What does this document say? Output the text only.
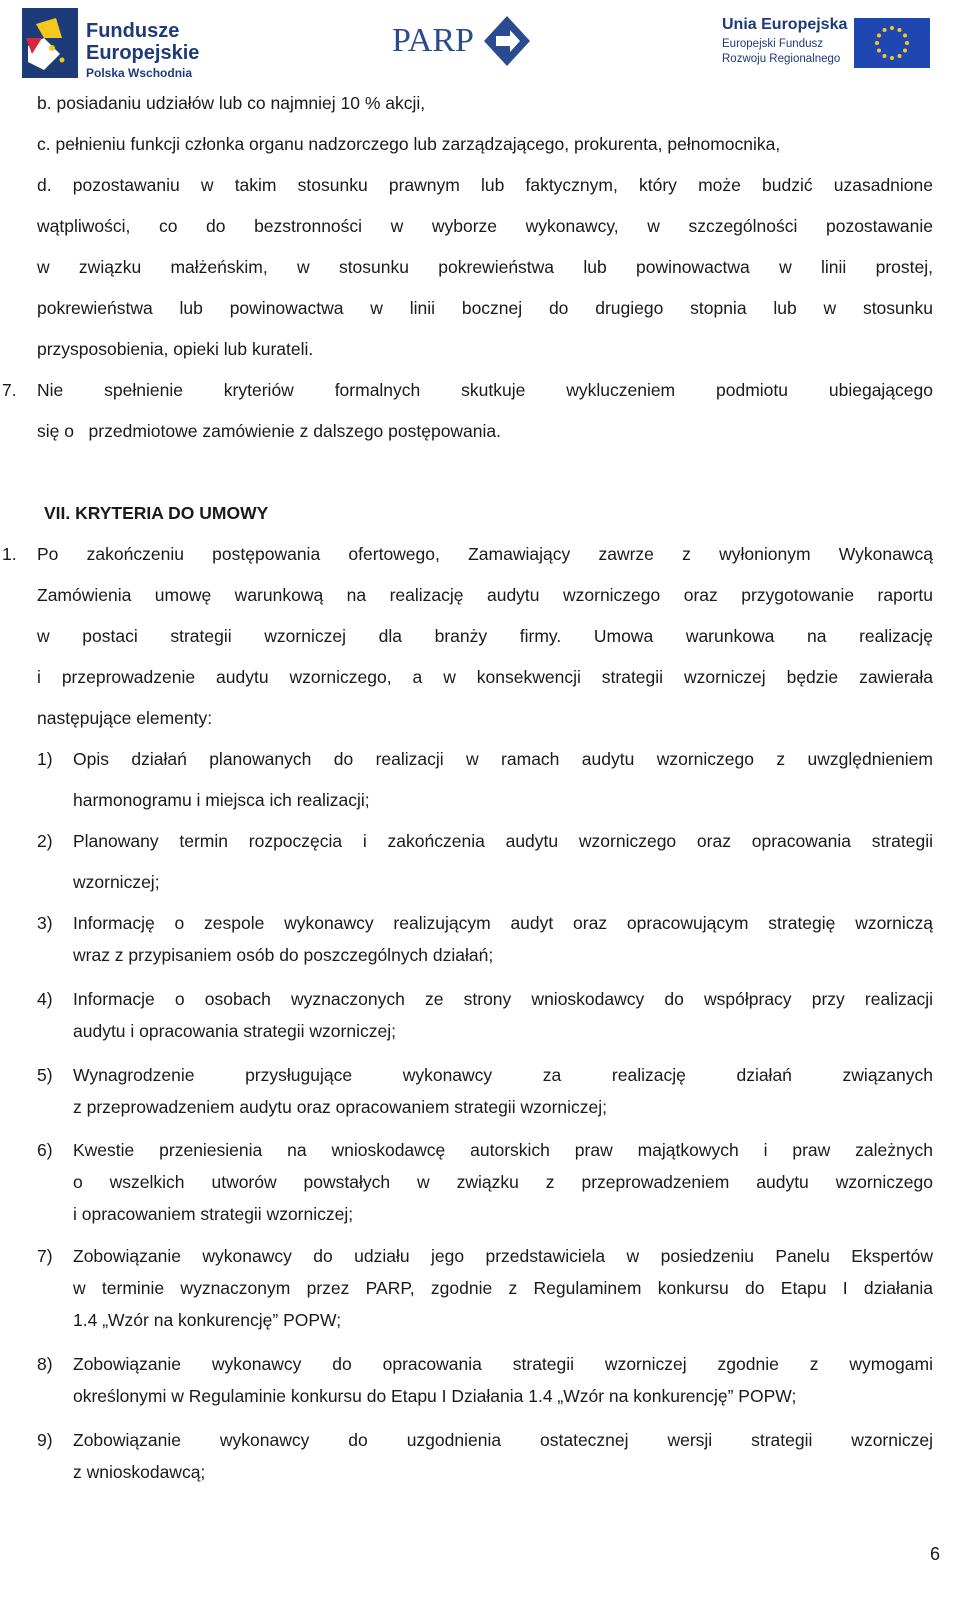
Fundusze
Europejskie
Polska Wschodnia
PARP	Unia Europejska
Europejski Fundusz
Rozwoju Regionalnego
b. posiadaniu udziałów lub co najmniej 10 % akcji,
c. pełnieniu funkcji członka organu nadzorczego lub zarządzającego, prokurenta, pełnomocnika,
d. pozostawaniu w takim stosunku prawnym lub faktycznym, który może budzić uzasadnione
wątpliwości, co do bezstronności w wyborze wykonawcy, w szczególności pozostawanie
w związku małżeńskim, w stosunku pokrewieństwa lub powinowactwa w linii prostej,
pokrewieństwa lub powinowactwa w linii bocznej do drugiego stopnia lub w stosunku
przysposobienia, opieki lub kurateli.
7. Nie spełnienie kryteriów formalnych skutkuje wykluczeniem podmiotu ubiegającego
się o   przedmiotowe zamówienie z dalszego postępowania.
VII. KRYTERIA DO UMOWY
1. Po zakończeniu postępowania ofertowego, Zamawiający zawrze z wyłonionym Wykonawcą
Zamówienia umowę warunkową na realizację audytu wzorniczego oraz przygotowanie raportu
w postaci strategii wzorniczej dla branży firmy. Umowa warunkowa na realizację
i przeprowadzenie audytu wzorniczego, a w konsekwencji strategii wzorniczej będzie zawierała
następujące elementy:
1) Opis działań planowanych do realizacji w ramach audytu wzorniczego z uwzględnieniem
harmonogramu i miejsca ich realizacji;
2) Planowany termin rozpoczęcia i zakończenia audytu wzorniczego oraz opracowania strategii
wzorniczej;
3) Informację o zespole wykonawcy realizującym audyt oraz opracowującym strategię wzorniczą
wraz z przypisaniem osób do poszczególnych działań;
4) Informacje o osobach wyznaczonych ze strony wnioskodawcy do współpracy przy realizacji
audytu i opracowania strategii wzorniczej;
5) Wynagrodzenie przysługujące wykonawcy za realizację działań związanych
z przeprowadzeniem audytu oraz opracowaniem strategii wzorniczej;
6) Kwestie przeniesienia na wnioskodawcę autorskich praw majątkowych i praw zależnych
o wszelkich utworów powstałych w związku z przeprowadzeniem audytu wzorniczego
i opracowaniem strategii wzorniczej;
7) Zobowiązanie wykonawcy do udziału jego przedstawiciela w posiedzeniu Panelu Ekspertów
w terminie wyznaczonym przez PARP, zgodnie z Regulaminem konkursu do Etapu I działania
1.4 „Wzór na konkurencję” POPW;
8) Zobowiązanie wykonawcy do opracowania strategii wzorniczej zgodnie z wymogami
określonymi w Regulaminie konkursu do Etapu I Działania 1.4 „Wzór na konkurencję” POPW;
9) Zobowiązanie wykonawcy do uzgodnienia ostatecznej wersji strategii wzorniczej
z wnioskodawcą;
6
